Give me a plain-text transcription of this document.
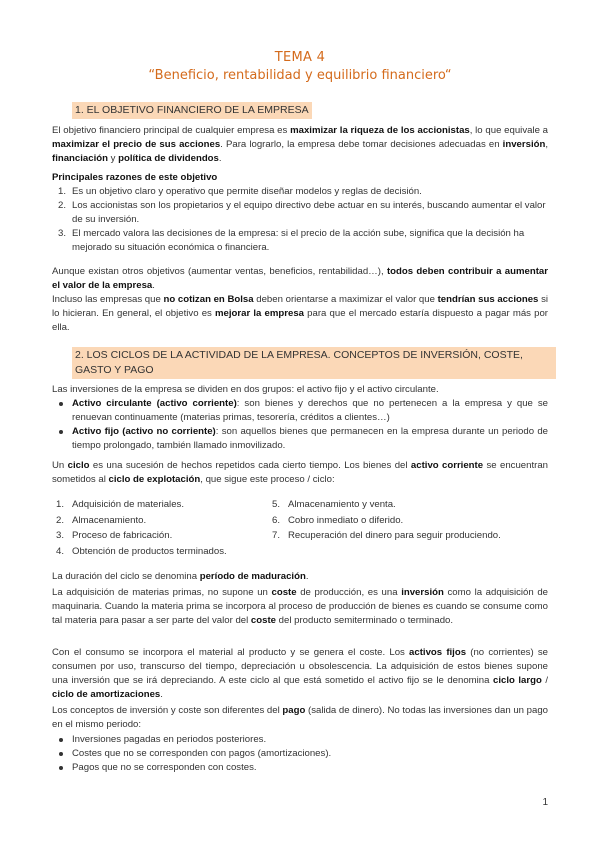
TEMA 4
“Beneficio, rentabilidad y equilibrio financiero“
1. EL OBJETIVO FINANCIERO DE LA EMPRESA
El objetivo financiero principal de cualquier empresa es maximizar la riqueza de los accionistas, lo que equivale a maximizar el precio de sus acciones. Para lograrlo, la empresa debe tomar decisiones adecuadas en inversión, financiación y política de dividendos.
Principales razones de este objetivo
1. Es un objetivo claro y operativo que permite diseñar modelos y reglas de decisión.
2. Los accionistas son los propietarios y el equipo directivo debe actuar en su interés, buscando aumentar el valor de su inversión.
3. El mercado valora las decisiones de la empresa: si el precio de la acción sube, significa que la decisión ha mejorado su situación económica o financiera.
Aunque existan otros objetivos (aumentar ventas, beneficios, rentabilidad…), todos deben contribuir a aumentar el valor de la empresa.
Incluso las empresas que no cotizan en Bolsa deben orientarse a maximizar el valor que tendrían sus acciones si lo hicieran. En general, el objetivo es mejorar la empresa para que el mercado estaría dispuesto a pagar más por ella.
2. LOS CICLOS DE LA ACTIVIDAD DE LA EMPRESA. CONCEPTOS DE INVERSIÓN, COSTE, GASTO Y PAGO
Las inversiones de la empresa se dividen en dos grupos: el activo fijo y el activo circulante.
Activo circulante (activo corriente): son bienes y derechos que no pertenecen a la empresa y que se renuevan continuamente (materias primas, tesorería, créditos a clientes…)
Activo fijo (activo no corriente): son aquellos bienes que permanecen en la empresa durante un periodo de tiempo prolongado, también llamado inmovilizado.
Un ciclo es una sucesión de hechos repetidos cada cierto tiempo. Los bienes del activo corriente se encuentran sometidos al ciclo de explotación, que sigue este proceso / ciclo:
1. Adquisición de materiales.
2. Almacenamiento.
3. Proceso de fabricación.
4. Obtención de productos terminados.
5. Almacenamiento y venta.
6. Cobro inmediato o diferido.
7. Recuperación del dinero para seguir produciendo.
La duración del ciclo se denomina período de maduración.
La adquisición de materias primas, no supone un coste de producción, es una inversión como la adquisición de maquinaria. Cuando la materia prima se incorpora al proceso de producción de bienes es cuando se consume como tal materia para pasar a ser parte del valor del coste del producto semiterminado o terminado.
Con el consumo se incorpora el material al producto y se genera el coste. Los activos fijos (no corrientes) se consumen por uso, transcurso del tiempo, depreciación u obsolescencia. La adquisición de estos bienes supone una inversión que se irá depreciando. A este ciclo al que está sometido el activo fijo se le denomina ciclo largo / ciclo de amortizaciones.
Los conceptos de inversión y coste son diferentes del pago (salida de dinero). No todas las inversiones dan un pago en el mismo periodo:
Inversiones pagadas en periodos posteriores.
Costes que no se corresponden con pagos (amortizaciones).
Pagos que no se corresponden con costes.
1
